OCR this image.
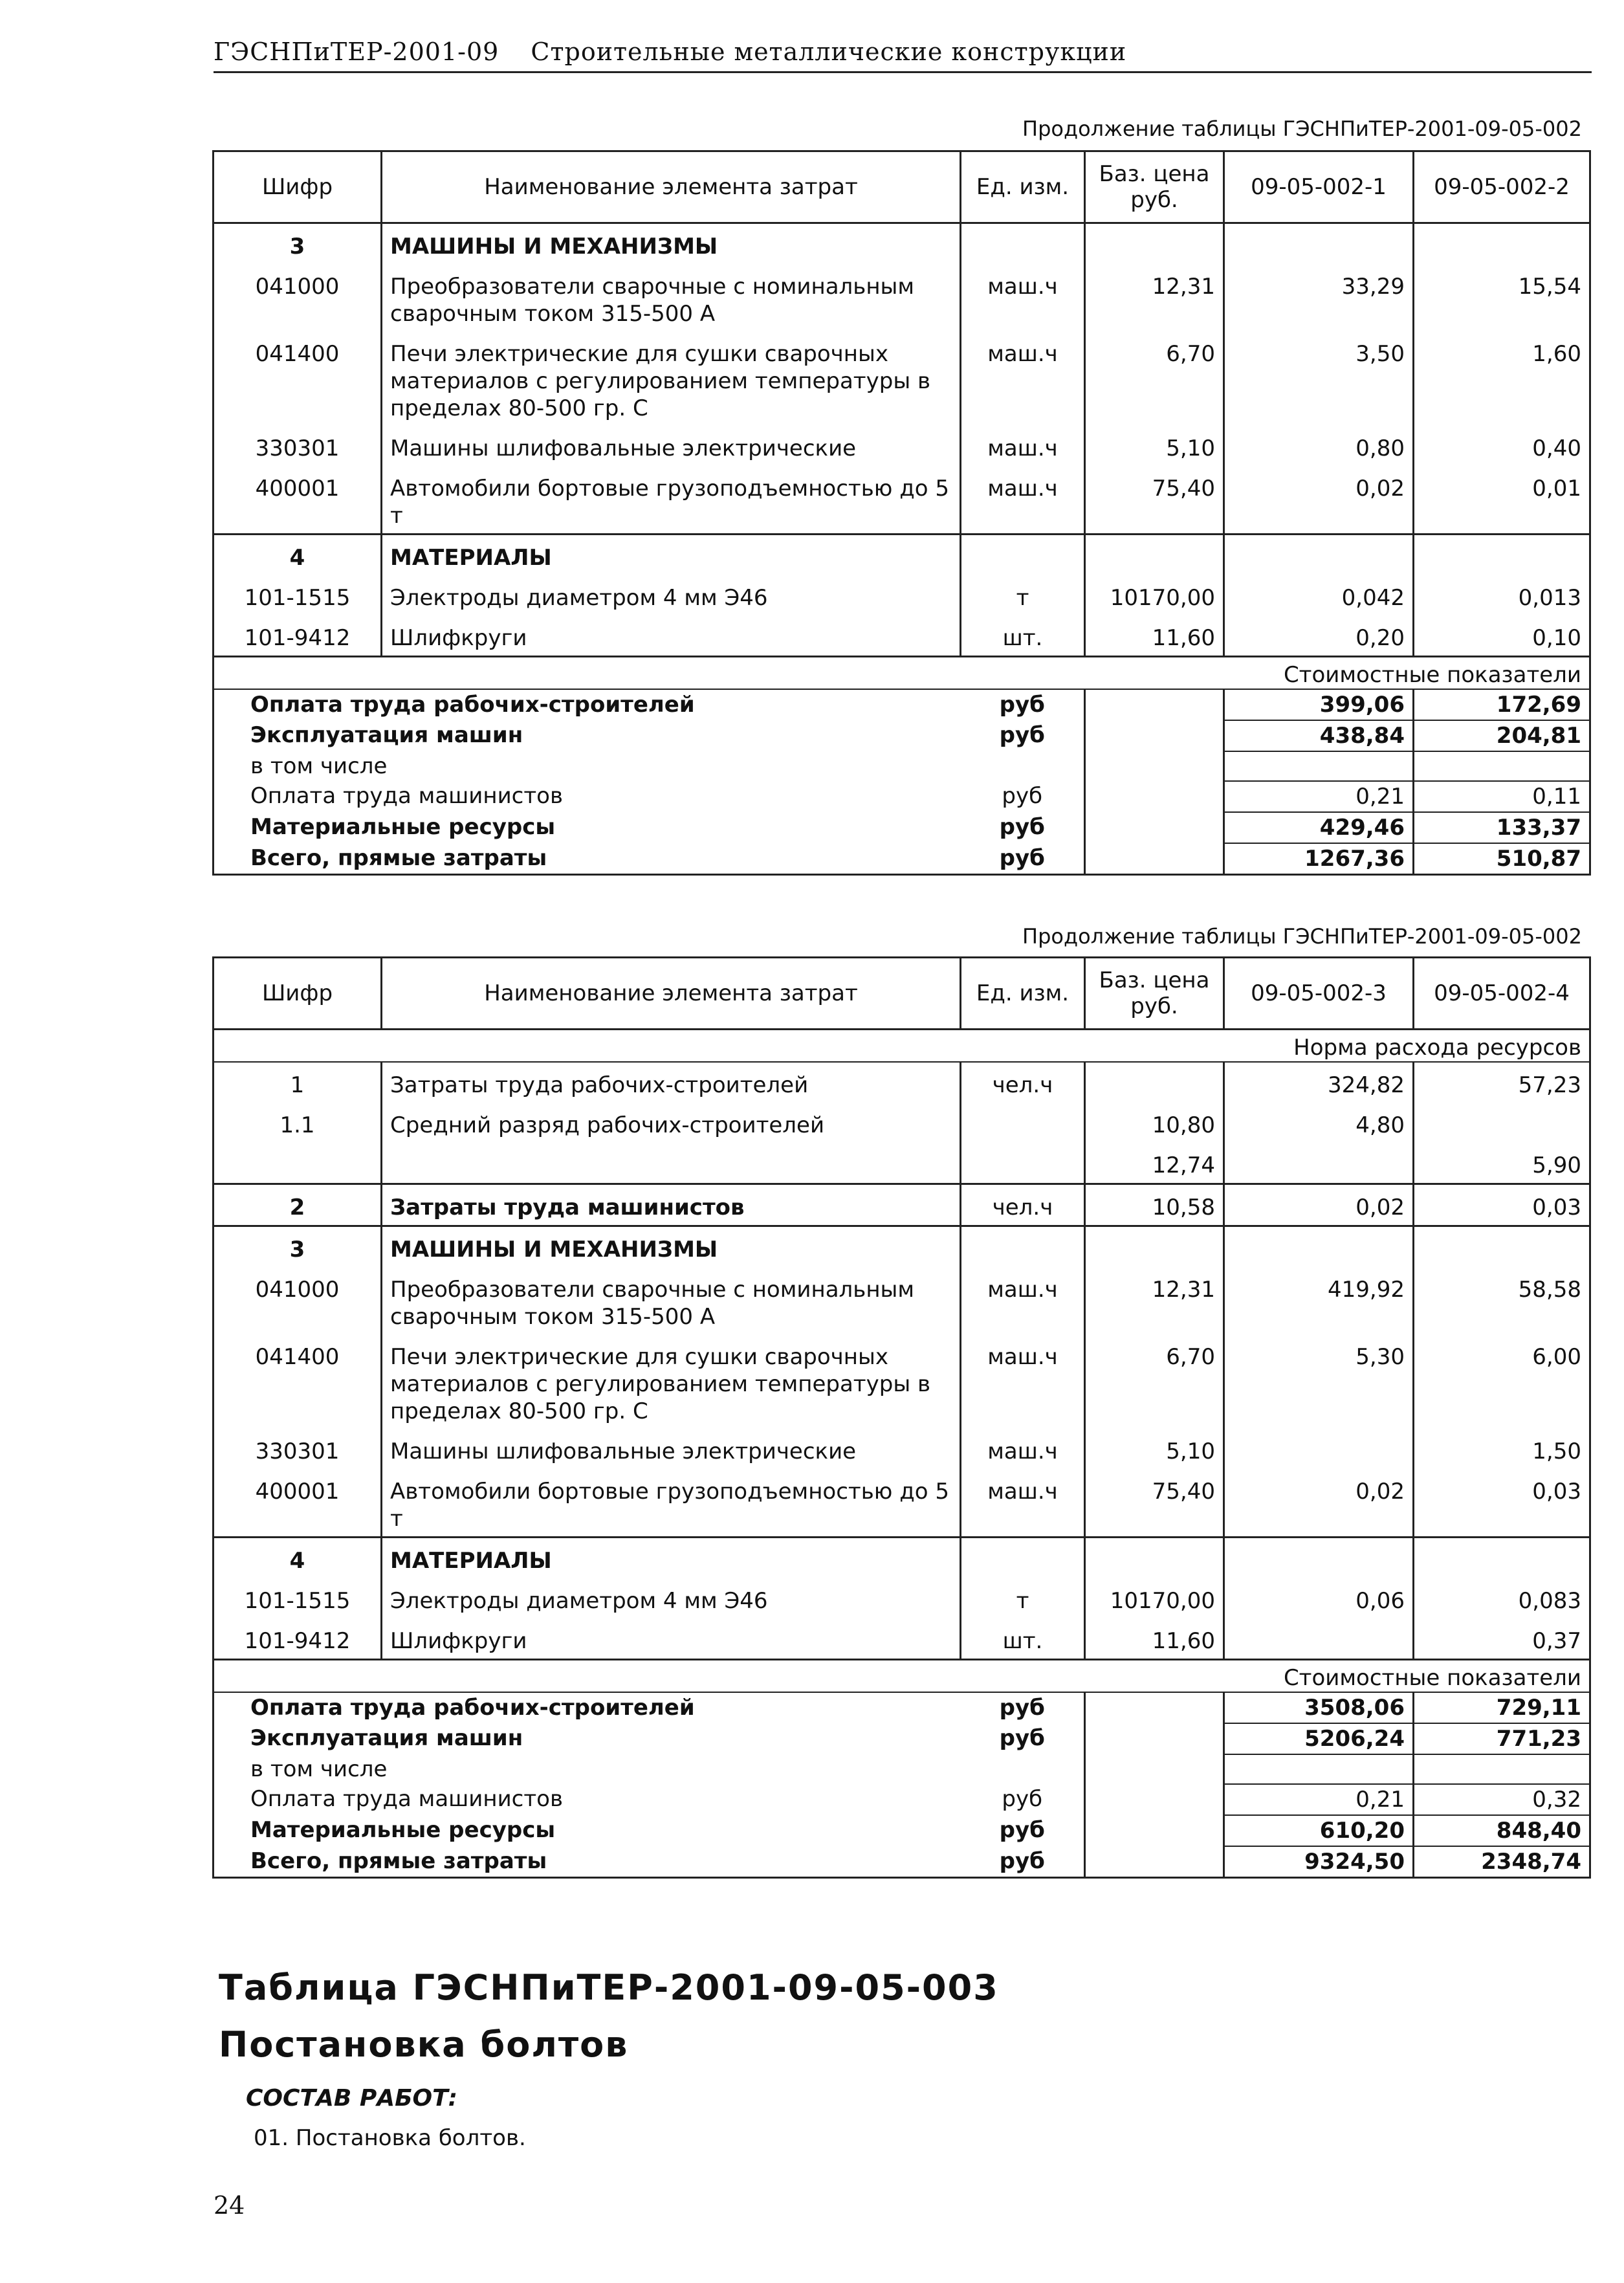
ГЭСНПиТЕР-2001-09 Строительные металлические конструкции
Продолжение таблицы ГЭСНПиТЕР-2001-09-05-002
Шифр	Наименование элемента затрат	Ед. изм.	Баз. цена руб.	09-05-002-1	09-05-002-2
3	МАШИНЫ И МЕХАНИЗМЫ				
041000	Преобразователи сварочные с номинальным сварочным током 315-500 А	маш.ч	12,31	33,29	15,54
041400	Печи электрические для сушки сварочных материалов с регулированием температуры в пределах 80-500 гр. С	маш.ч	6,70	3,50	1,60
330301	Машины шлифовальные электрические	маш.ч	5,10	0,80	0,40
400001	Автомобили бортовые грузоподъемностью до 5 т	маш.ч	75,40	0,02	0,01
4	МАТЕРИАЛЫ				
101-1515	Электроды диаметром 4 мм Э46	т	10170,00	0,042	0,013
101-9412	Шлифкруги	шт.	11,60	0,20	0,10
Стоимостные показатели					
Оплата труда рабочих-строителей		руб		399,06	172,69
Эксплуатация машин		руб		438,84	204,81
в том числе					
Оплата труда машинистов		руб		0,21	0,11
Материальные ресурсы		руб		429,46	133,37
Всего, прямые затраты		руб		1267,36	510,87
Продолжение таблицы ГЭСНПиТЕР-2001-09-05-002
Шифр	Наименование элемента затрат	Ед. изм.	Баз. цена руб.	09-05-002-3	09-05-002-4
Норма расхода ресурсов					
1	Затраты труда рабочих-строителей	чел.ч		324,82	57,23
1.1	Средний разряд рабочих-строителей		10,80	4,80	
			12,74		5,90
2	Затраты труда машинистов	чел.ч	10,58	0,02	0,03
3	МАШИНЫ И МЕХАНИЗМЫ				
041000	Преобразователи сварочные с номинальным сварочным током 315-500 А	маш.ч	12,31	419,92	58,58
041400	Печи электрические для сушки сварочных материалов с регулированием температуры в пределах 80-500 гр. С	маш.ч	6,70	5,30	6,00
330301	Машины шлифовальные электрические	маш.ч	5,10		1,50
400001	Автомобили бортовые грузоподъемностью до 5 т	маш.ч	75,40	0,02	0,03
4	МАТЕРИАЛЫ				
101-1515	Электроды диаметром 4 мм Э46	т	10170,00	0,06	0,083
101-9412	Шлифкруги	шт.	11,60		0,37
Стоимостные показатели					
Оплата труда рабочих-строителей		руб		3508,06	729,11
Эксплуатация машин		руб		5206,24	771,23
в том числе					
Оплата труда машинистов		руб		0,21	0,32
Материальные ресурсы		руб		610,20	848,40
Всего, прямые затраты		руб		9324,50	2348,74
Таблица ГЭСНПиТЕР-2001-09-05-003
Постановка болтов
СОСТАВ РАБОТ:
01. Постановка болтов.
24
